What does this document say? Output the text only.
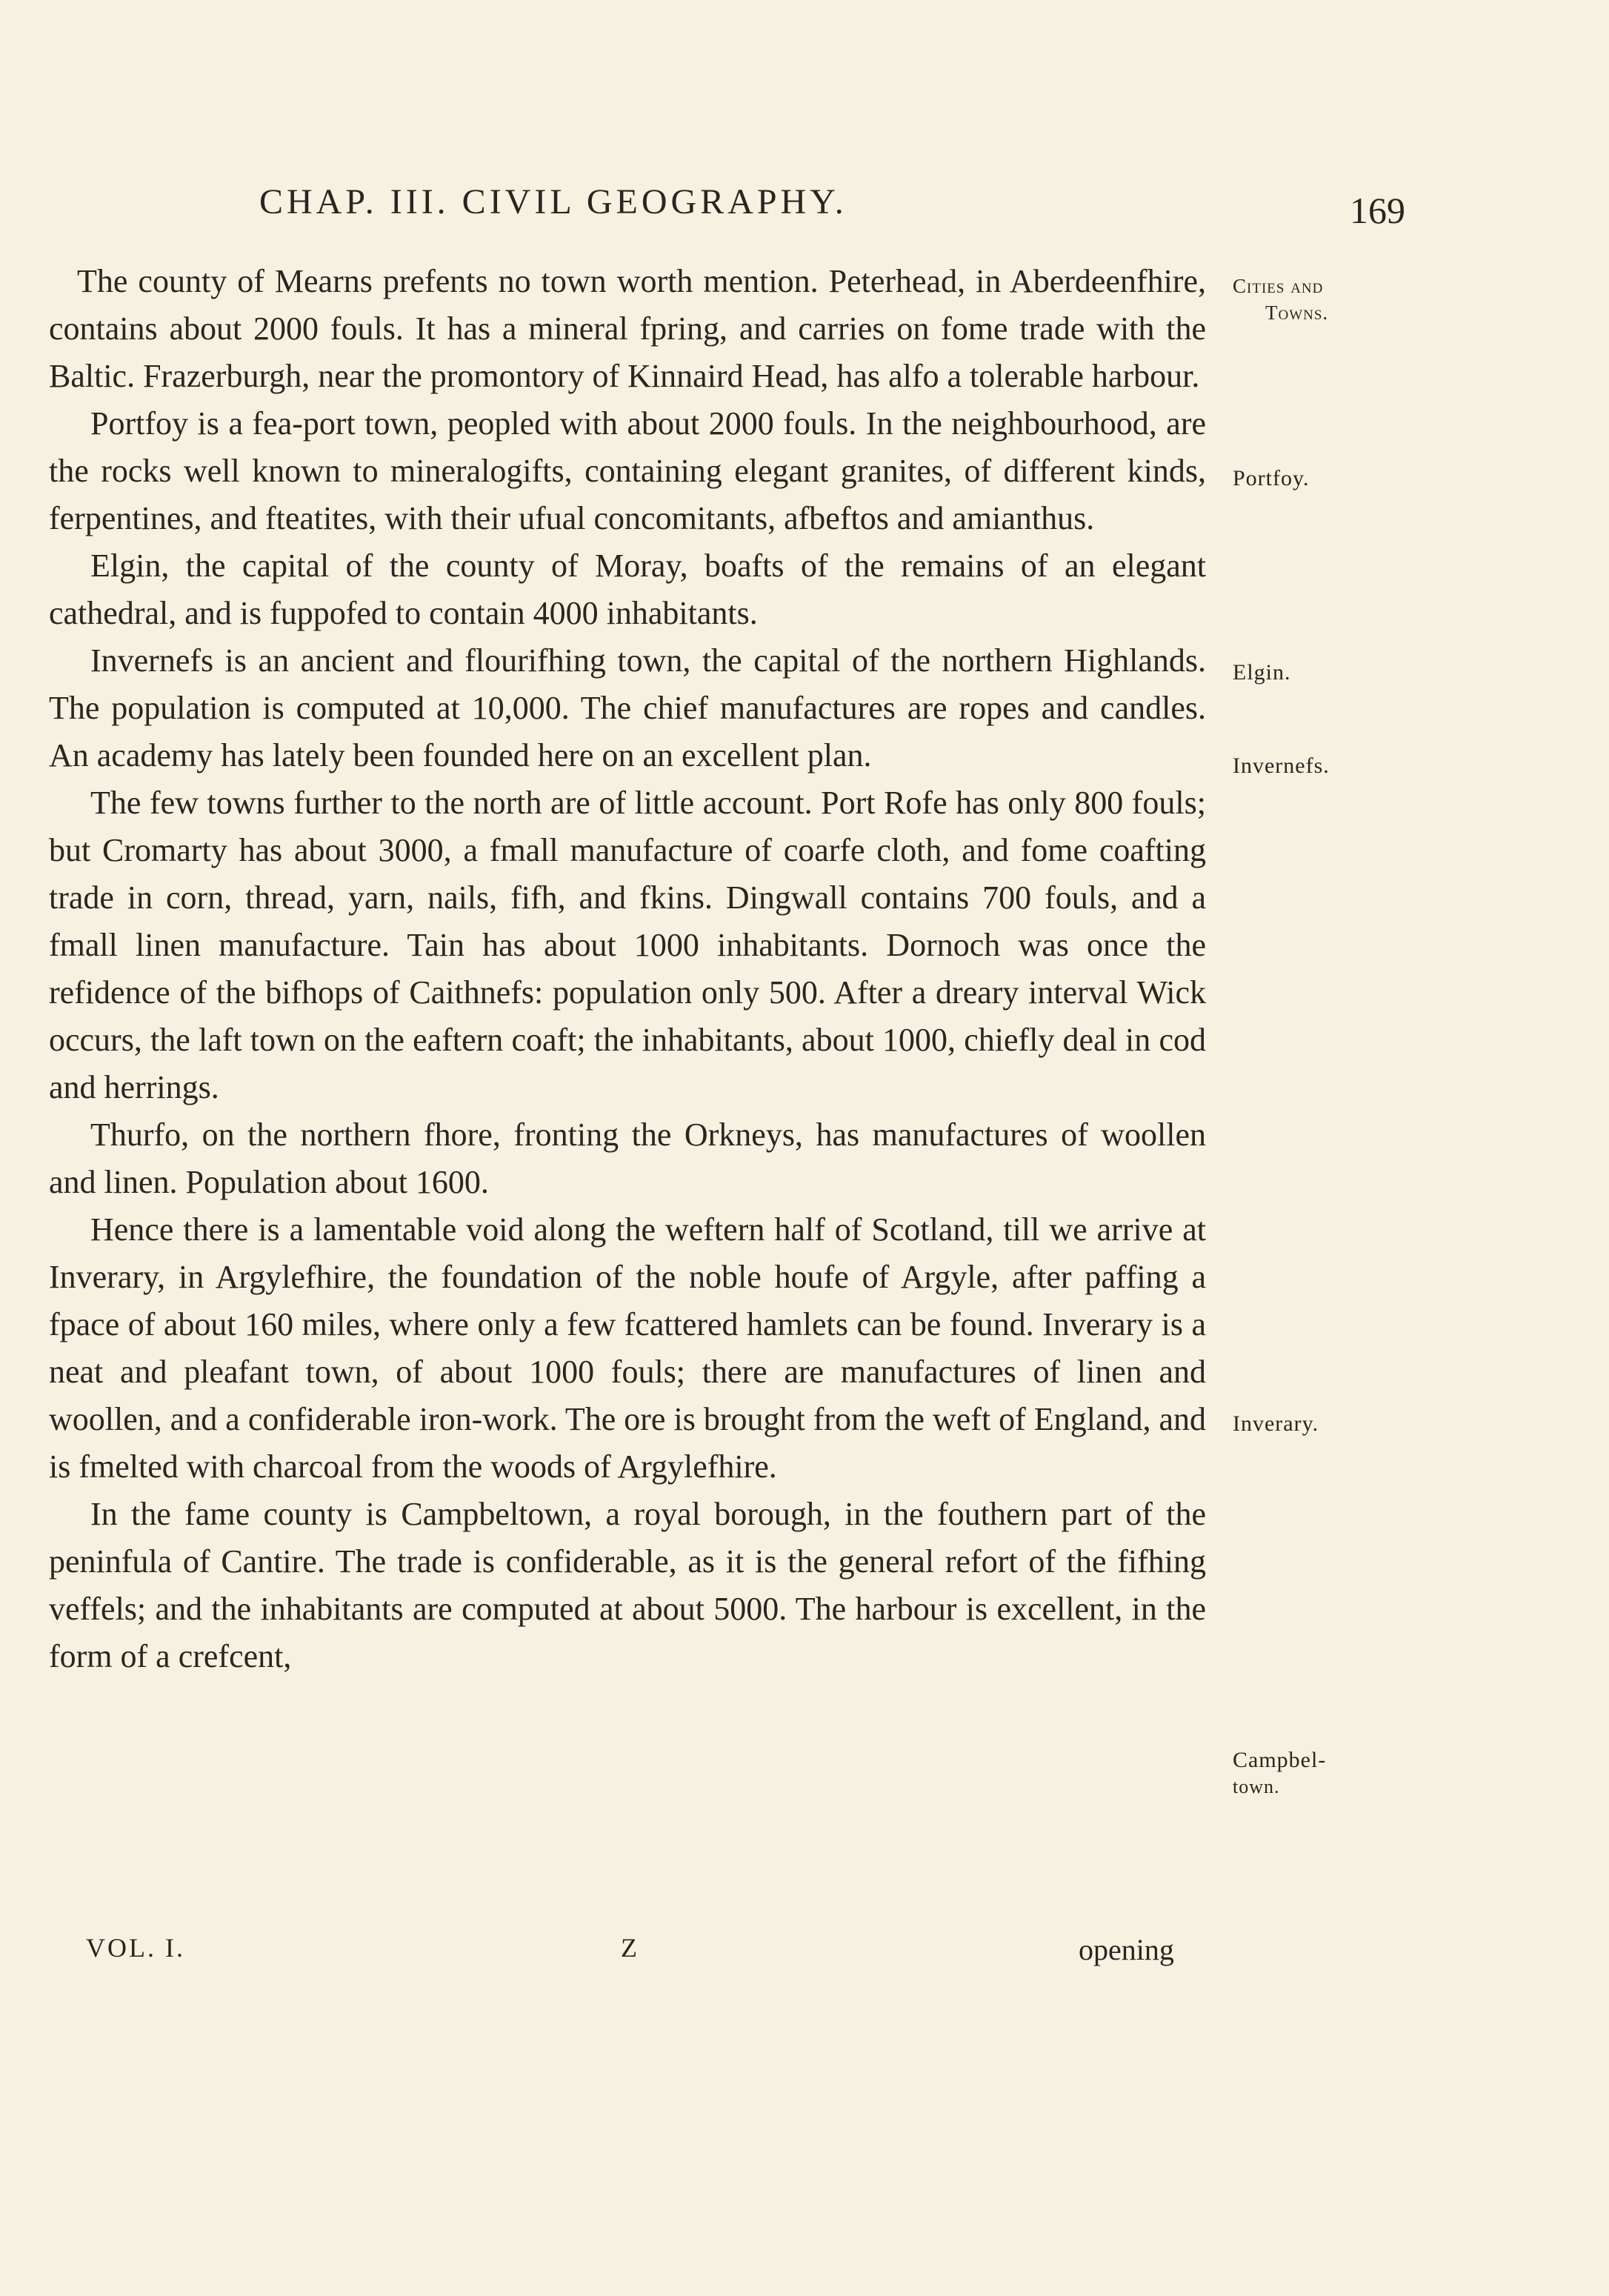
CHAP. III. CIVIL GEOGRAPHY.	169

The county of Mearns prefents no town worth mention. Peterhead, in Aberdeenfhire, contains about 2000 fouls. It has a mineral fpring, and carries on fome trade with the Baltic. Frazerburgh, near the promontory of Kinnaird Head, has alfo a tolerable harbour.

Portfoy is a fea-port town, peopled with about 2000 fouls. In the neighbourhood, are the rocks well known to mineralogifts, containing elegant granites, of different kinds, ferpentines, and fteatites, with their ufual concomitants, afbeftos and amianthus.

Elgin, the capital of the county of Moray, boafts of the remains of an elegant cathedral, and is fuppofed to contain 4000 inhabitants.

Invernefs is an ancient and flourifhing town, the capital of the northern Highlands. The population is computed at 10,000. The chief manufactures are ropes and candles. An academy has lately been founded here on an excellent plan.

The few towns further to the north are of little account. Port Rofe has only 800 fouls; but Cromarty has about 3000, a fmall manufacture of coarfe cloth, and fome coafting trade in corn, thread, yarn, nails, fifh, and fkins. Dingwall contains 700 fouls, and a fmall linen manufacture. Tain has about 1000 inhabitants. Dornoch was once the refidence of the bifhops of Caithnefs: population only 500. After a dreary interval Wick occurs, the laft town on the eaftern coaft; the inhabitants, about 1000, chiefly deal in cod and herrings.

Thurfo, on the northern fhore, fronting the Orkneys, has manufactures of woollen and linen. Population about 1600.

Hence there is a lamentable void along the weftern half of Scotland, till we arrive at Inverary, in Argylefhire, the foundation of the noble houfe of Argyle, after paffing a fpace of about 160 miles, where only a few fcattered hamlets can be found. Inverary is a neat and pleafant town, of about 1000 fouls; there are manufactures of linen and woollen, and a confiderable iron-work. The ore is brought from the weft of England, and is fmelted with charcoal from the woods of Argylefhire.

In the fame county is Campbeltown, a royal borough, in the fouthern part of the peninfula of Cantire. The trade is confiderable, as it is the general refort of the fifhing veffels; and the inhabitants are computed at about 5000. The harbour is excellent, in the form of a crefcent,

Cities and
Towns.
Portfoy.
Elgin.
Invernefs.
Inverary.
Campbel-
town.
VOL. I.	Z	opening
